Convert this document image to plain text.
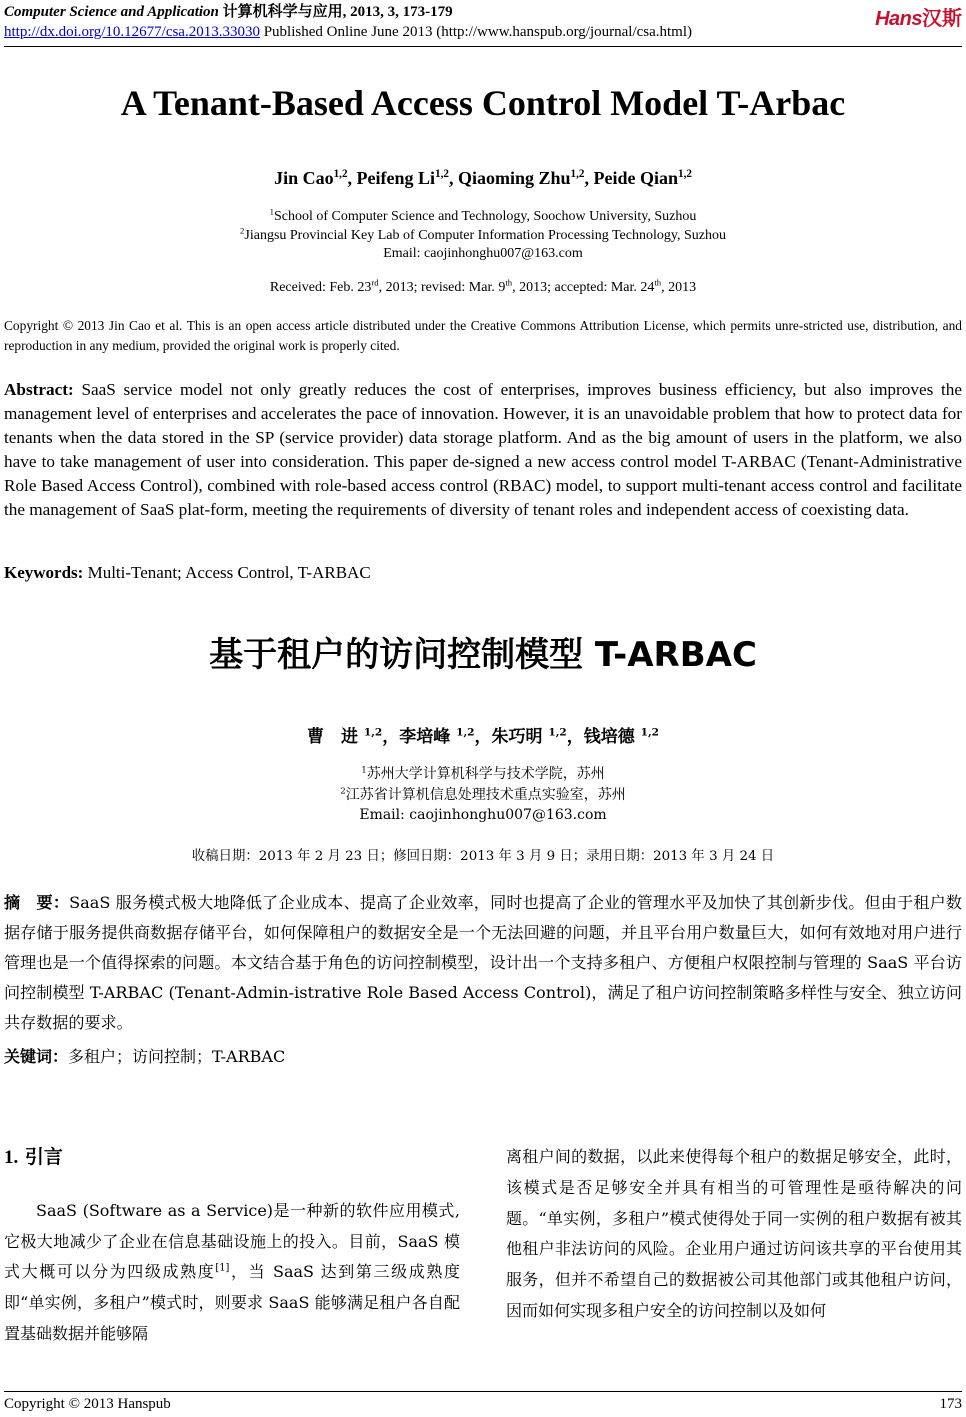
Computer Science and Application 计算机科学与应用, 2013, 3, 173-179
http://dx.doi.org/10.12677/csa.2013.33030 Published Online June 2013 (http://www.hanspub.org/journal/csa.html)
Hans汉斯
A Tenant-Based Access Control Model T-Arbac
Jin Cao$^{1,2}$, Peifeng Li$^{1,2}$, Qiaoming Zhu$^{1,2}$, Peide Qian$^{1,2}$
$^1$School of Computer Science and Technology, Soochow University, Suzhou
$^2$Jiangsu Provincial Key Lab of Computer Information Processing Technology, Suzhou
Email: caojinhonghu007@163.com
Received: Feb. 23rd, 2013; revised: Mar. 9th, 2013; accepted: Mar. 24th, 2013
Copyright © 2013 Jin Cao et al. This is an open access article distributed under the Creative Commons Attribution License, which permits unre-stricted use, distribution, and reproduction in any medium, provided the original work is properly cited.
Abstract: SaaS service model not only greatly reduces the cost of enterprises, improves business efficiency, but also improves the management level of enterprises and accelerates the pace of innovation. However, it is an unavoidable problem that how to protect data for tenants when the data stored in the SP (service provider) data storage platform. And as the big amount of users in the platform, we also have to take management of user into consideration. This paper de-signed a new access control model T-ARBAC (Tenant-Administrative Role Based Access Control), combined with role-based access control (RBAC) model, to support multi-tenant access control and facilitate the management of SaaS plat-form, meeting the requirements of diversity of tenant roles and independent access of coexisting data.
Keywords: Multi-Tenant; Access Control, T-ARBAC
基于租户的访问控制模型 T-ARBAC
曹　进 $^{1,2}$，李培峰 $^{1,2}$，朱巧明 $^{1,2}$，钱培德 $^{1,2}$
$^1$苏州大学计算机科学与技术学院，苏州
$^2$江苏省计算机信息处理技术重点实验室，苏州
Email: caojinhonghu007@163.com
收稿日期：2013 年 2 月 23 日；修回日期：2013 年 3 月 9 日；录用日期：2013 年 3 月 24 日
摘　要：SaaS 服务模式极大地降低了企业成本、提高了企业效率，同时也提高了企业的管理水平及加快了其创新步伐。但由于租户数据存储于服务提供商数据存储平台，如何保障租户的数据安全是一个无法回避的问题，并且平台用户数量巨大，如何有效地对用户进行管理也是一个值得探索的问题。本文结合基于角色的访问控制模型，设计出一个支持多租户、方便租户权限控制与管理的 SaaS 平台访问控制模型 T-ARBAC (Tenant-Admin-istrative Role Based Access Control)，满足了租户访问控制策略多样性与安全、独立访问共存数据的要求。
关键词：多租户；访问控制；T-ARBAC
1. 引言
SaaS (Software as a Service)是一种新的软件应用模式,它极大地减少了企业在信息基础设施上的投入。目前，SaaS 模式大概可以分为四级成熟度[1]，当 SaaS 达到第三级成熟度即“单实例，多租户”模式时，则要求 SaaS 能够满足租户各自配置基础数据并能够隔
离租户间的数据，以此来使得每个租户的数据足够安全，此时，该模式是否足够安全并具有相当的可管理性是亟待解决的问题。“单实例，多租户”模式使得处于同一实例的租户数据有被其他租户非法访问的风险。企业用户通过访问该共享的平台使用其服务，但并不希望自己的数据被公司其他部门或其他租户访问，因而如何实现多租户安全的访问控制以及如何
Copyright © 2013 Hanspub	173
